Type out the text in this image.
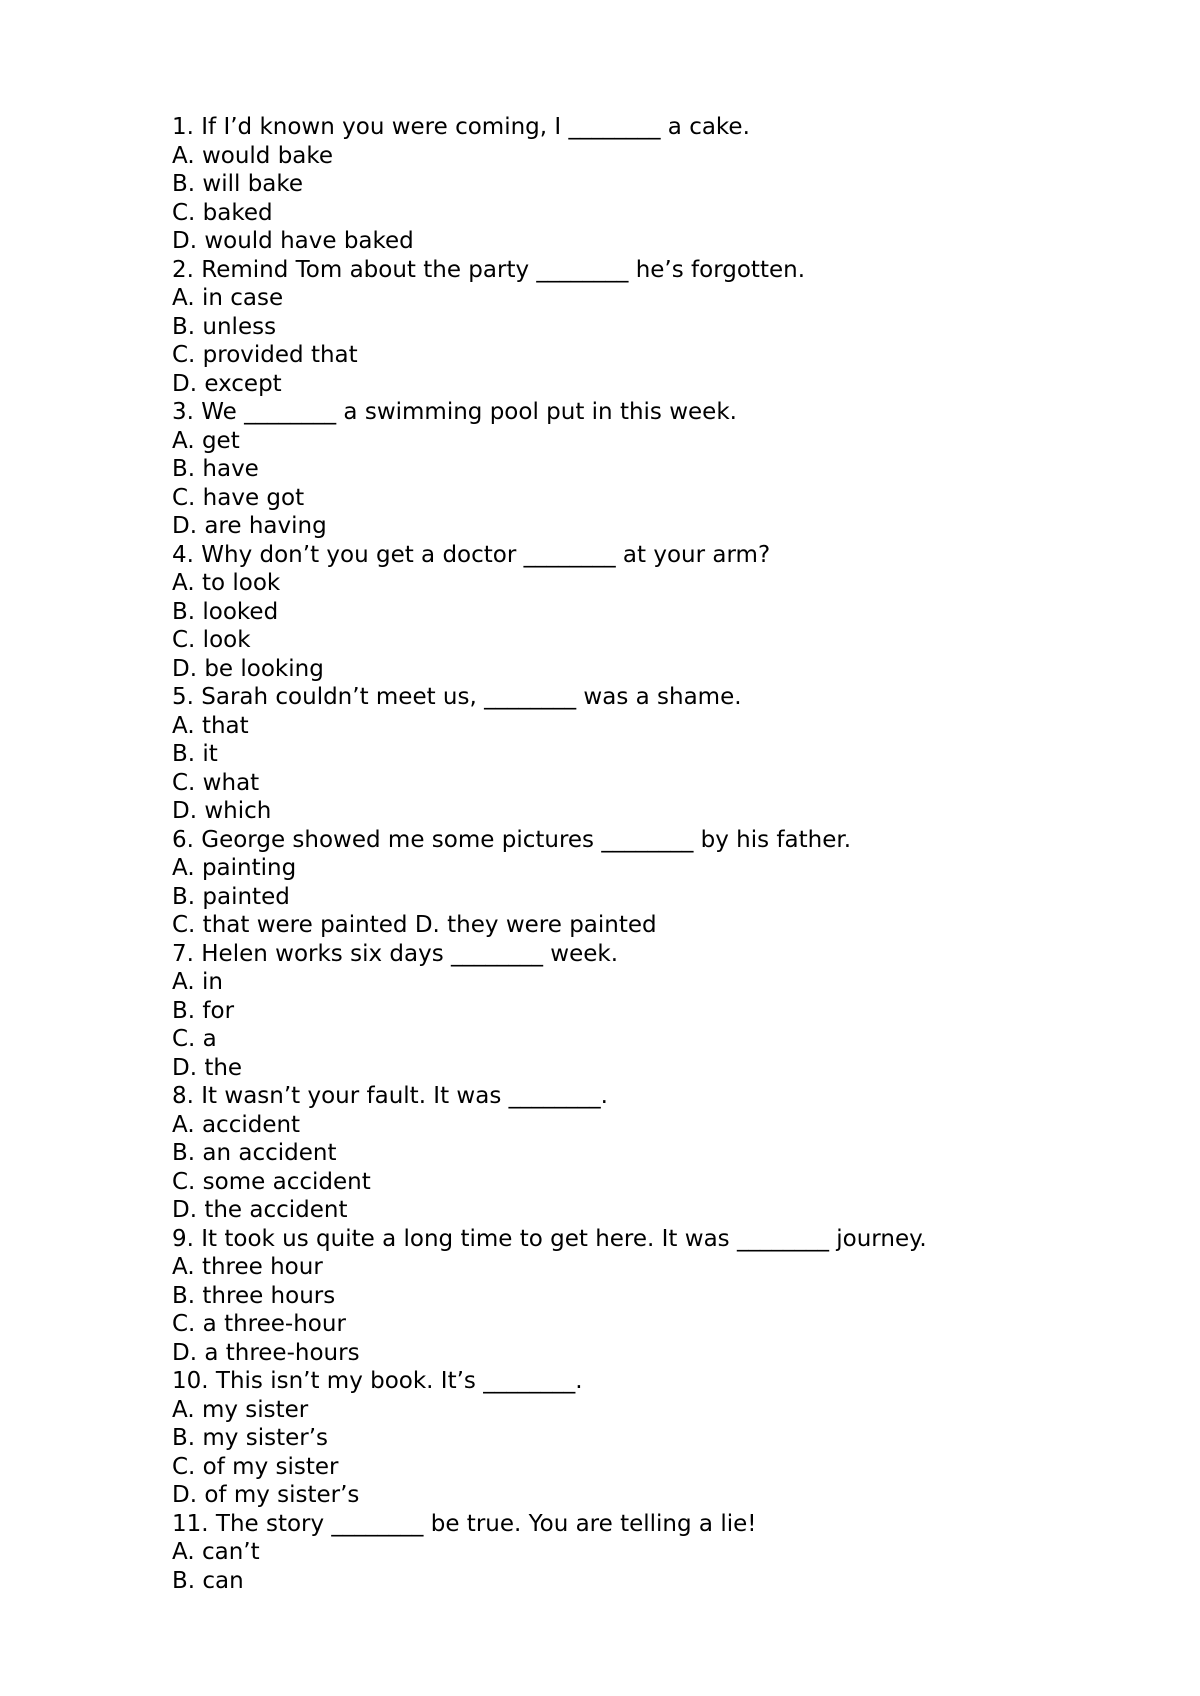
1. If I’d known you were coming, I ________ a cake.

A. would bake

B. will bake

C. baked

D. would have baked

2. Remind Tom about the party ________ he’s forgotten.

A. in case

B. unless

C. provided that

D. except

3. We ________ a swimming pool put in this week.

A. get

B. have

C. have got

D. are having

4. Why don’t you get a doctor ________ at your arm?

A. to look

B. looked

C. look

D. be looking

5. Sarah couldn’t meet us, ________ was a shame.

A. that

B. it

C. what

D. which

6. George showed me some pictures ________ by his father.

A. painting

B. painted

C. that were painted D. they were painted

7. Helen works six days ________ week.

A. in

B. for

C. a

D. the

8. It wasn’t your fault. It was ________.

A. accident

B. an accident

C. some accident

D. the accident

9. It took us quite a long time to get here. It was ________ journey.

A. three hour

B. three hours

C. a three-hour

D. a three-hours

10. This isn’t my book. It’s ________.

A. my sister

B. my sister’s

C. of my sister

D. of my sister’s

11. The story ________ be true. You are telling a lie!

A. can’t

B. can
